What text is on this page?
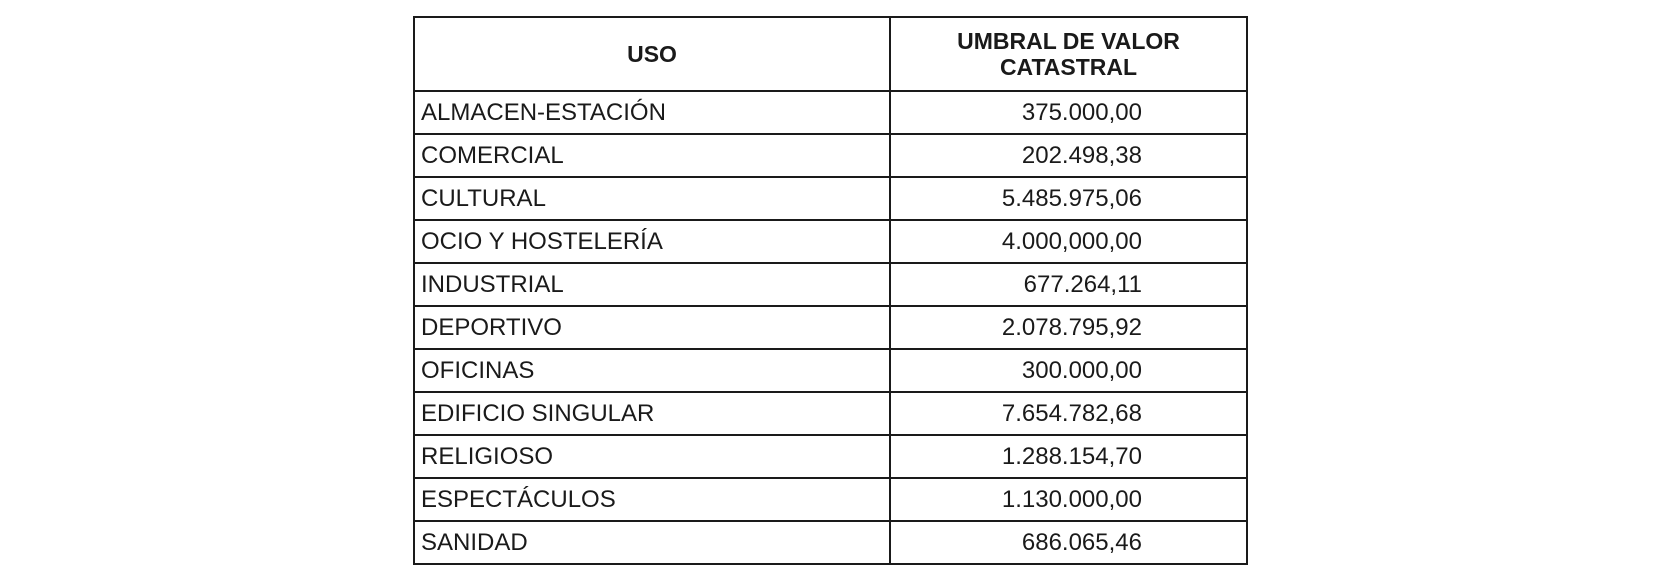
USO	UMBRAL DE VALOR CATASTRAL
ALMACEN-ESTACIÓN	375.000,00
COMERCIAL	202.498,38
CULTURAL	5.485.975,06
OCIO Y HOSTELERÍA	4.000,000,00
INDUSTRIAL	677.264,11
DEPORTIVO	2.078.795,92
OFICINAS	300.000,00
EDIFICIO SINGULAR	7.654.782,68
RELIGIOSO	1.288.154,70
ESPECTÁCULOS	1.130.000,00
SANIDAD	686.065,46
